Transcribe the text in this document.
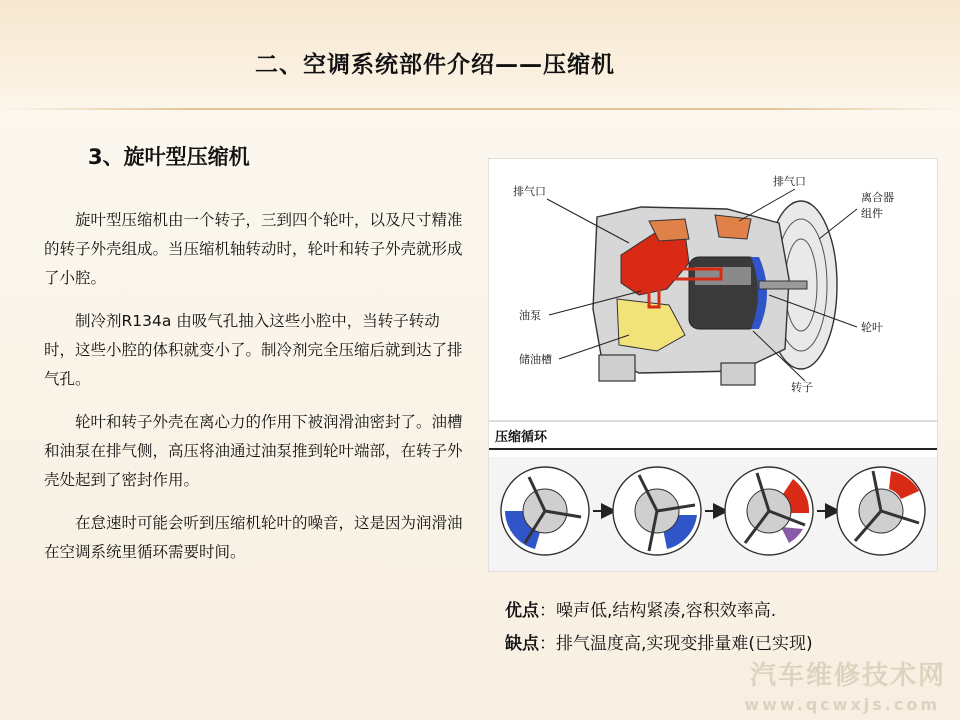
二、空调系统部件介绍——压缩机
3、旋叶型压缩机

旋叶型压缩机由一个转子，三到四个轮叶，以及尺寸精准的转子外壳组成。当压缩机轴转动时，轮叶和转子外壳就形成了小腔。

制冷剂R134a 由吸气孔抽入这些小腔中，当转子转动时，这些小腔的体积就变小了。制冷剂完全压缩后就到达了排气孔。

轮叶和转子外壳在离心力的作用下被润滑油密封了。油槽和油泵在排气侧，高压将油通过油泵推到轮叶端部，在转子外壳处起到了密封作用。

在怠速时可能会听到压缩机轮叶的噪音，这是因为润滑油在空调系统里循环需要时间。

排气口
排气口
离合器
组件
油泵
轮叶
储油槽
转子
压缩循环
优点：噪声低,结构紧凑,容积效率高.
缺点：排气温度高,实现变排量难(已实现)
汽车维修技术网
www.qcwxjs.com
